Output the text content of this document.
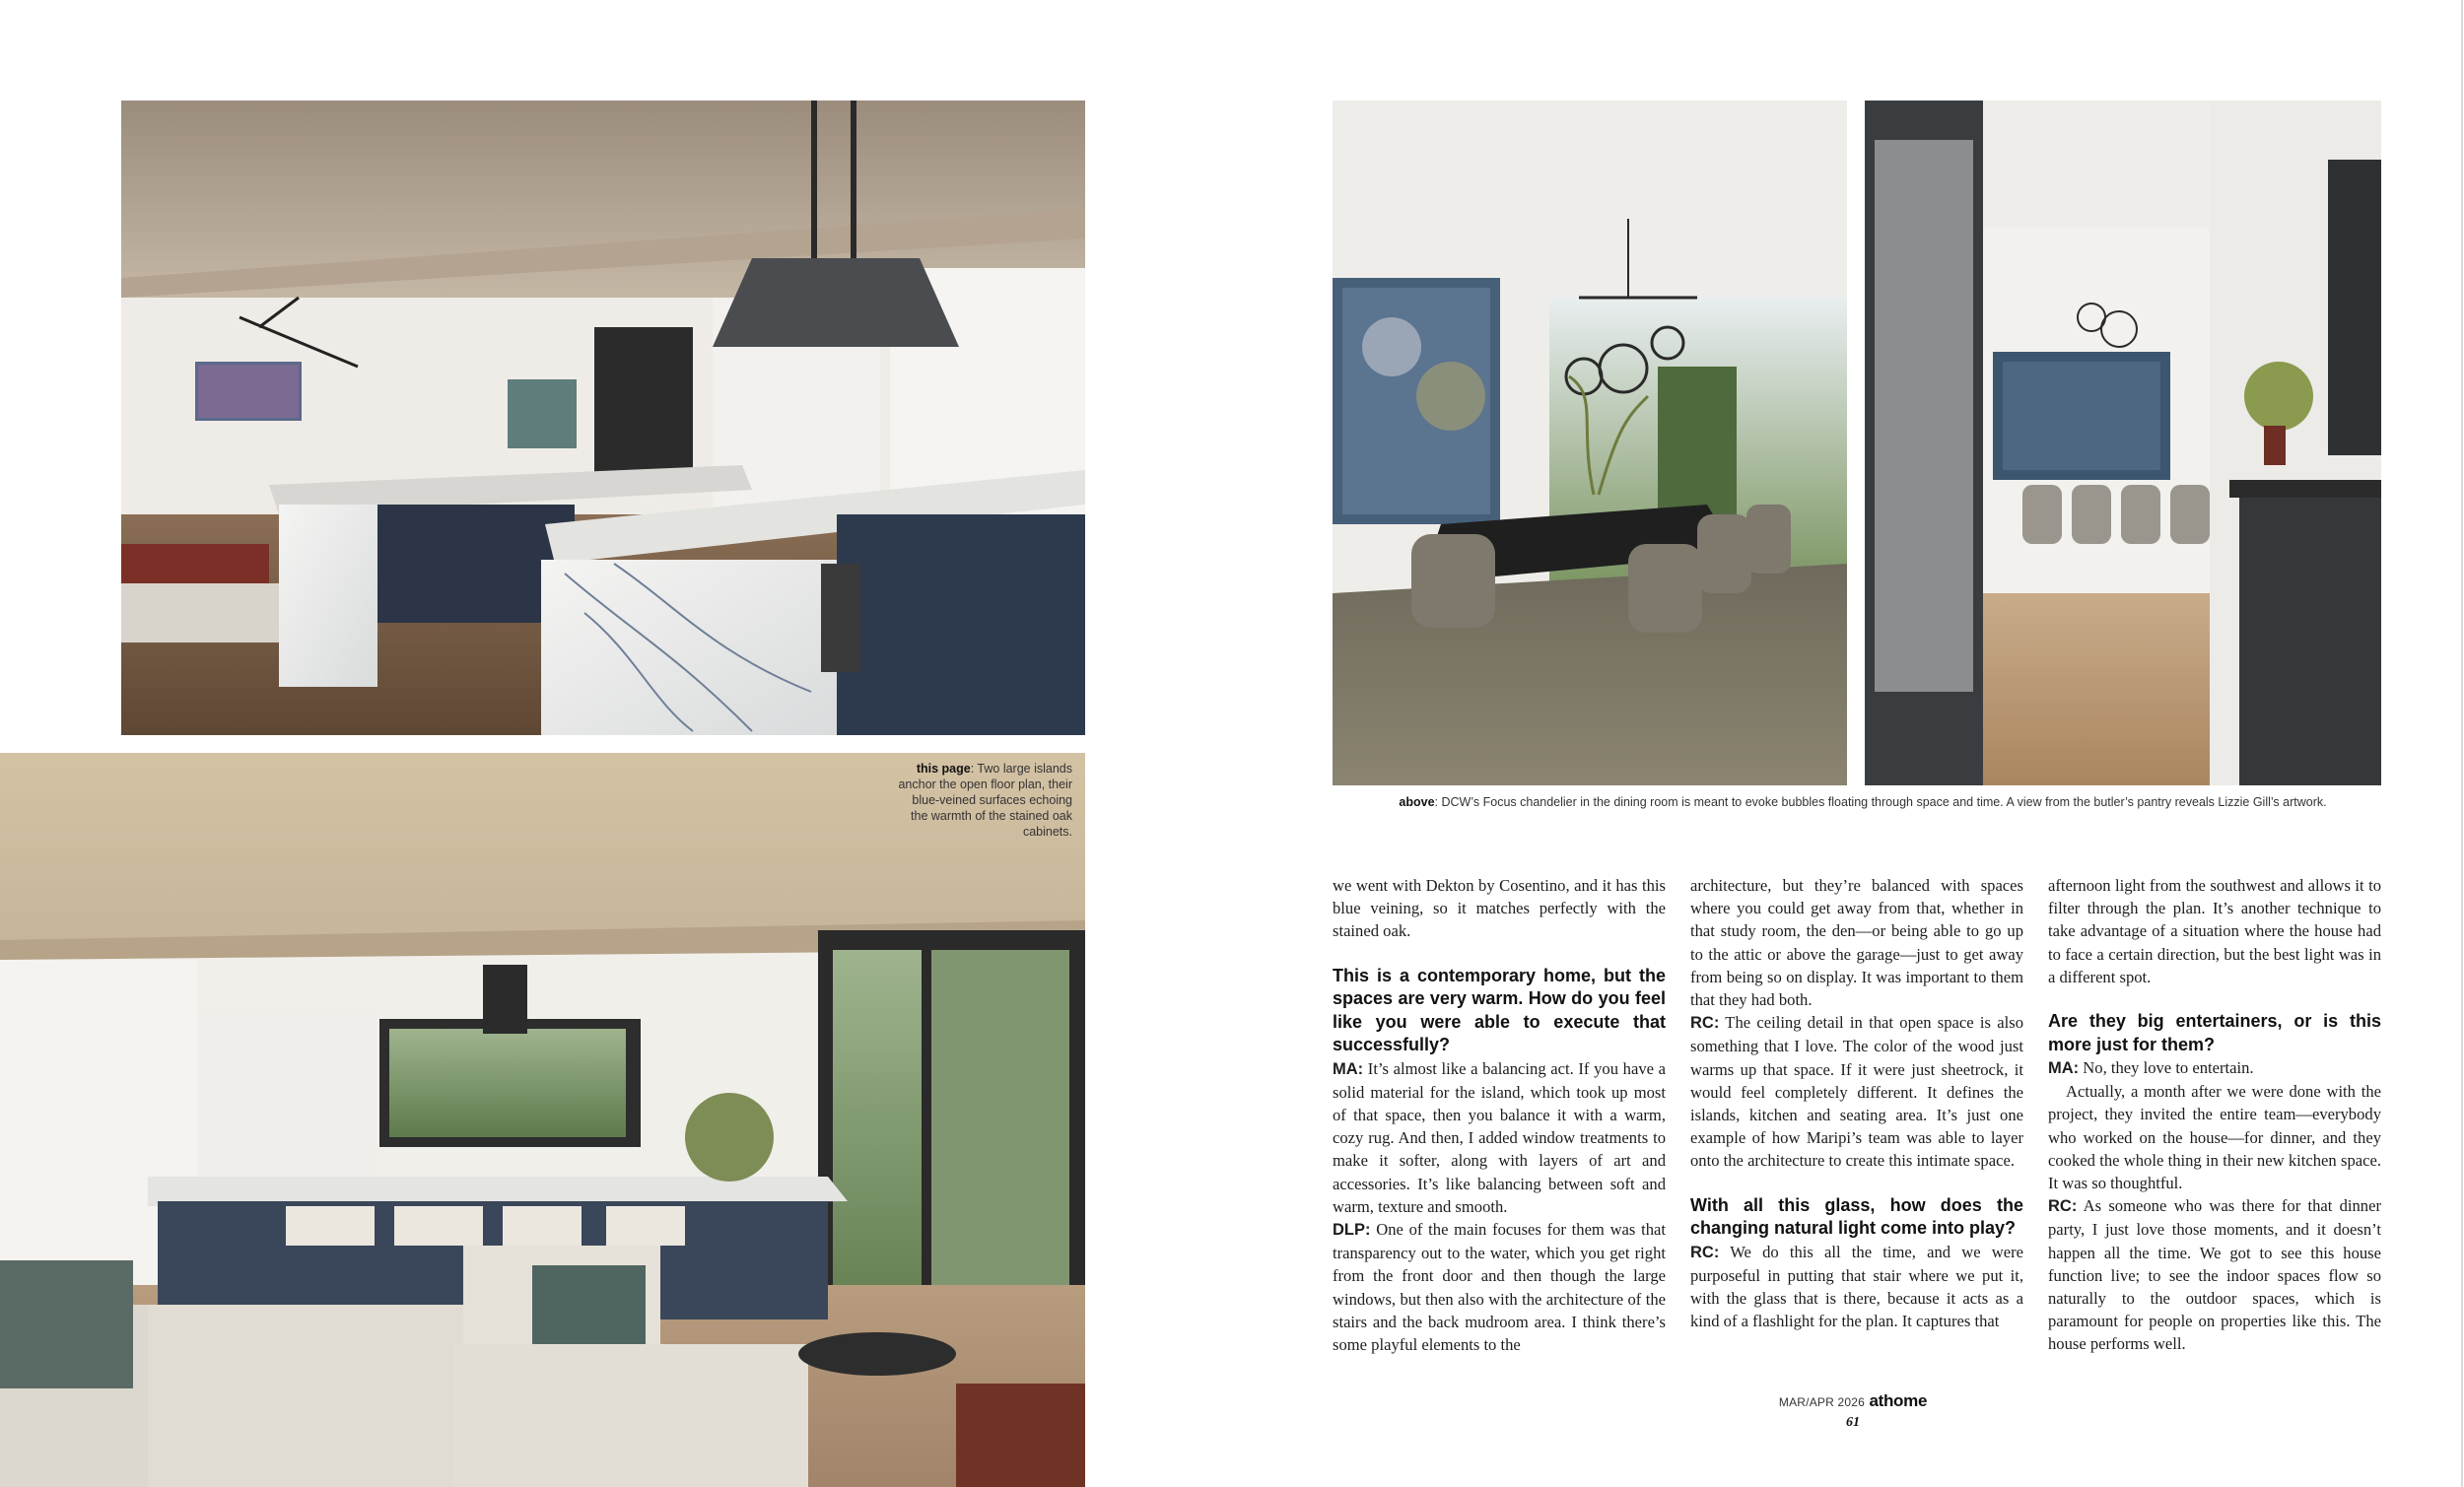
this page: Two large islands anchor the open floor plan, their blue-veined surfaces echoing the warmth of the stained oak cabinets.
above: DCW’s Focus chandelier in the dining room is meant to evoke bubbles floating through space and time. A view from the butler’s pantry reveals Lizzie Gill’s artwork.

we went with Dekton by Cosentino, and it has this blue veining, so it matches perfectly with the stained oak.

This is a contemporary home, but the spaces are very warm. How do you feel like you were able to execute that successfully?

MA: It’s almost like a balancing act. If you have a solid material for the island, which took up most of that space, then you balance it with a warm, cozy rug. And then, I added window treatments to make it softer, along with layers of art and accessories. It’s like balancing between soft and warm, texture and smooth.

DLP: One of the main focuses for them was that transparency out to the water, which you get right from the front door and then though the large windows, but then also with the architecture of the stairs and the back mudroom area. I think there’s some playful elements to the

architecture, but they’re balanced with spaces where you could get away from that, whether in that study room, the den—or being able to go up to the attic or above the garage—just to get away from being so on display. It was important to them that they had both.

RC: The ceiling detail in that open space is also something that I love. The color of the wood just warms up that space. If it were just sheetrock, it would feel completely different. It defines the islands, kitchen and seating area. It’s just one example of how Maripi’s team was able to layer onto the architecture to create this intimate space.

With all this glass, how does the changing natural light come into play?

RC: We do this all the time, and we were purposeful in putting that stair where we put it, with the glass that is there, because it acts as a kind of a flashlight for the plan. It captures that

afternoon light from the southwest and allows it to filter through the plan. It’s another technique to take advantage of a situation where the house had to face a certain direction, but the best light was in a different spot.

Are they big entertainers, or is this more just for them?

MA: No, they love to entertain.

Actually, a month after we were done with the project, they invited the entire team—everybody who worked on the house—for dinner, and they cooked the whole thing in their new kitchen space. It was so thoughtful.

RC: As someone who was there for that dinner party, I just love those moments, and it doesn’t happen all the time. We got to see this house function live; to see the indoor spaces flow so naturally to the outdoor spaces, which is paramount for people on properties like this. The house performs well.

MAR/APR 2026 athome
61
